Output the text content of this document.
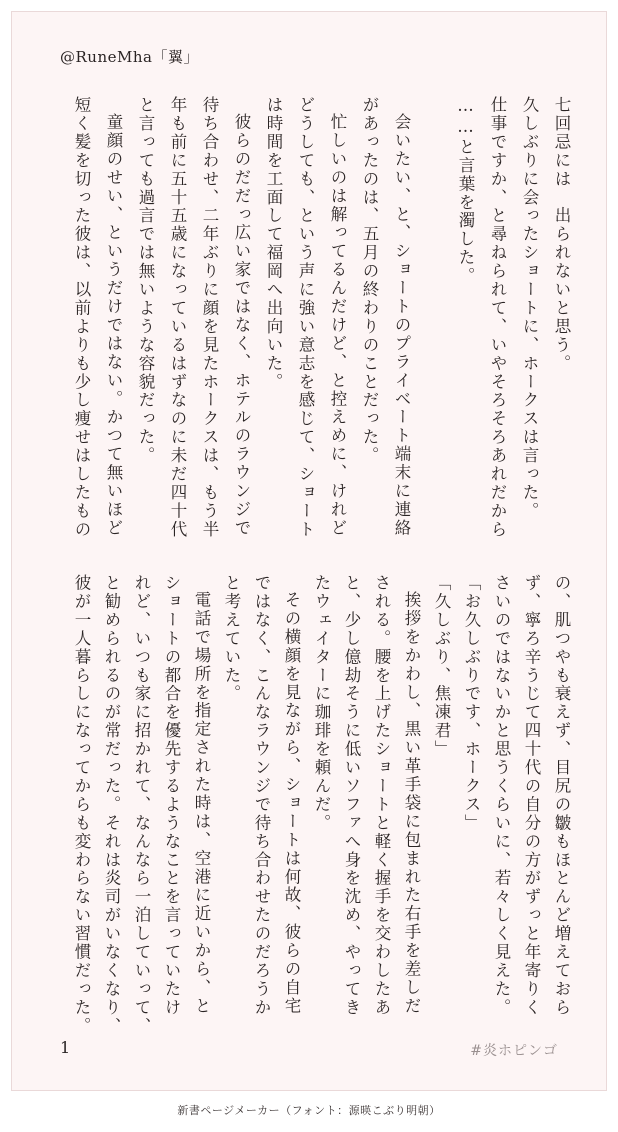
@RuneMha「翼」
七回忌には　出られないと思う。
久しぶりに会ったショートに、ホークスは言った。
仕事ですか、と尋ねられて、いやそろそろあれだから
……と言葉を濁した。
会いたい、と、ショートのプライベート端末に連絡
があったのは、五月の終わりのことだった。
忙しいのは解ってるんだけど、と控えめに、けれど
どうしても、という声に強い意志を感じて、ショート
は時間を工面して福岡へ出向いた。
彼らのだだっ広い家ではなく、ホテルのラウンジで
待ち合わせ、二年ぶりに顔を見たホークスは、もう半
年も前に五十五歳になっているはずなのに未だ四十代
と言っても過言では無いような容貌だった。
童顔のせい、というだけではない。かつて無いほど
短く髪を切った彼は、以前よりも少し痩せはしたもの
の、肌つやも衰えず、目尻の皺もほとんど増えておら
ず、寧ろ辛うじて四十代の自分の方がずっと年寄りく
さいのではないかと思うくらいに、若々しく見えた。
「お久しぶりです、ホークス」
「久しぶり、焦凍君」
挨拶をかわし、黒い革手袋に包まれた右手を差しだ
される。腰を上げたショートと軽く握手を交わしたあ
と、少し億劫そうに低いソファへ身を沈め、やってき
たウェイターに珈琲を頼んだ。
その横顔を見ながら、ショートは何故、彼らの自宅
ではなく、こんなラウンジで待ち合わせたのだろうか
と考えていた。
電話で場所を指定された時は、空港に近いから、と
ショートの都合を優先するようなことを言っていたけ
れど、いつも家に招かれて、なんなら一泊していって、
と勧められるのが常だった。それは炎司がいなくなり、
彼が一人暮らしになってからも変わらない習慣だった。
1	#炎ホピンゴ
新書ページメーカー（フォント：源暎こぶり明朝）
